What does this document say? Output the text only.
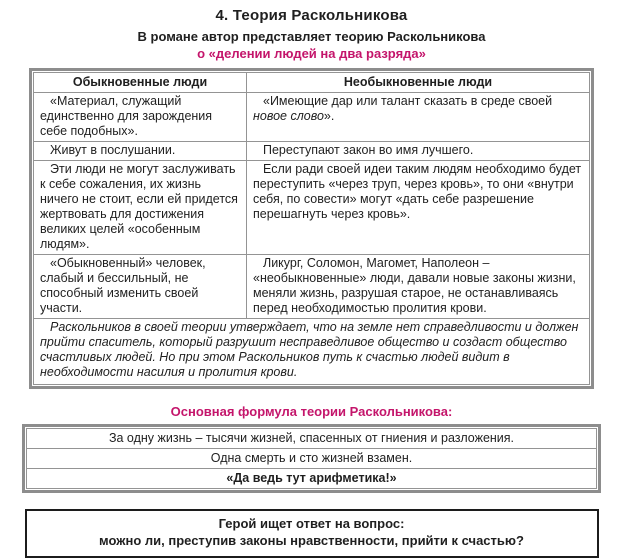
4. Теория Раскольникова
В романе автор представляет теорию Раскольникова
о «делении людей на два разряда»
Обыкновенные люди	Необыкновенные люди
«Материал, служащий единственно для зарождения себе подобных».	«Имеющие дар или талант сказать в среде своей новое слово».
Живут в послушании.	Переступают закон во имя лучшего.
Эти люди не могут заслуживать к себе сожаления, их жизнь ничего не стоит, если ей придется жертвовать для достижения великих целей «особенным людям».	Если ради своей идеи таким людям необходимо будет переступить «через труп, через кровь», то они «внутри себя, по совести» могут «дать себе разрешение перешагнуть через кровь».
«Обыкновенный» человек, слабый и бессильный, не способный изменить своей участи.	Ликург, Соломон, Магомет, Наполеон – «необыкновенные» люди, давали новые законы жизни, меняли жизнь, разрушая старое, не останавливаясь перед необходимостью пролития крови.
Раскольников в своей теории утверждает, что на земле нет справедливости и должен прийти спаситель, который разрушит несправедливое общество и создаст общество счастливых людей. Но при этом Раскольников путь к счастью людей видит в необходимости насилия и пролития крови.	
Основная формула теории Раскольникова:
За одну жизнь – тысячи жизней, спасенных от гниения и разложения.
Одна смерть и сто жизней взамен.
«Да ведь тут арифметика!»
Герой ищет ответ на вопрос:
можно ли, преступив законы нравственности, прийти к счастью?
